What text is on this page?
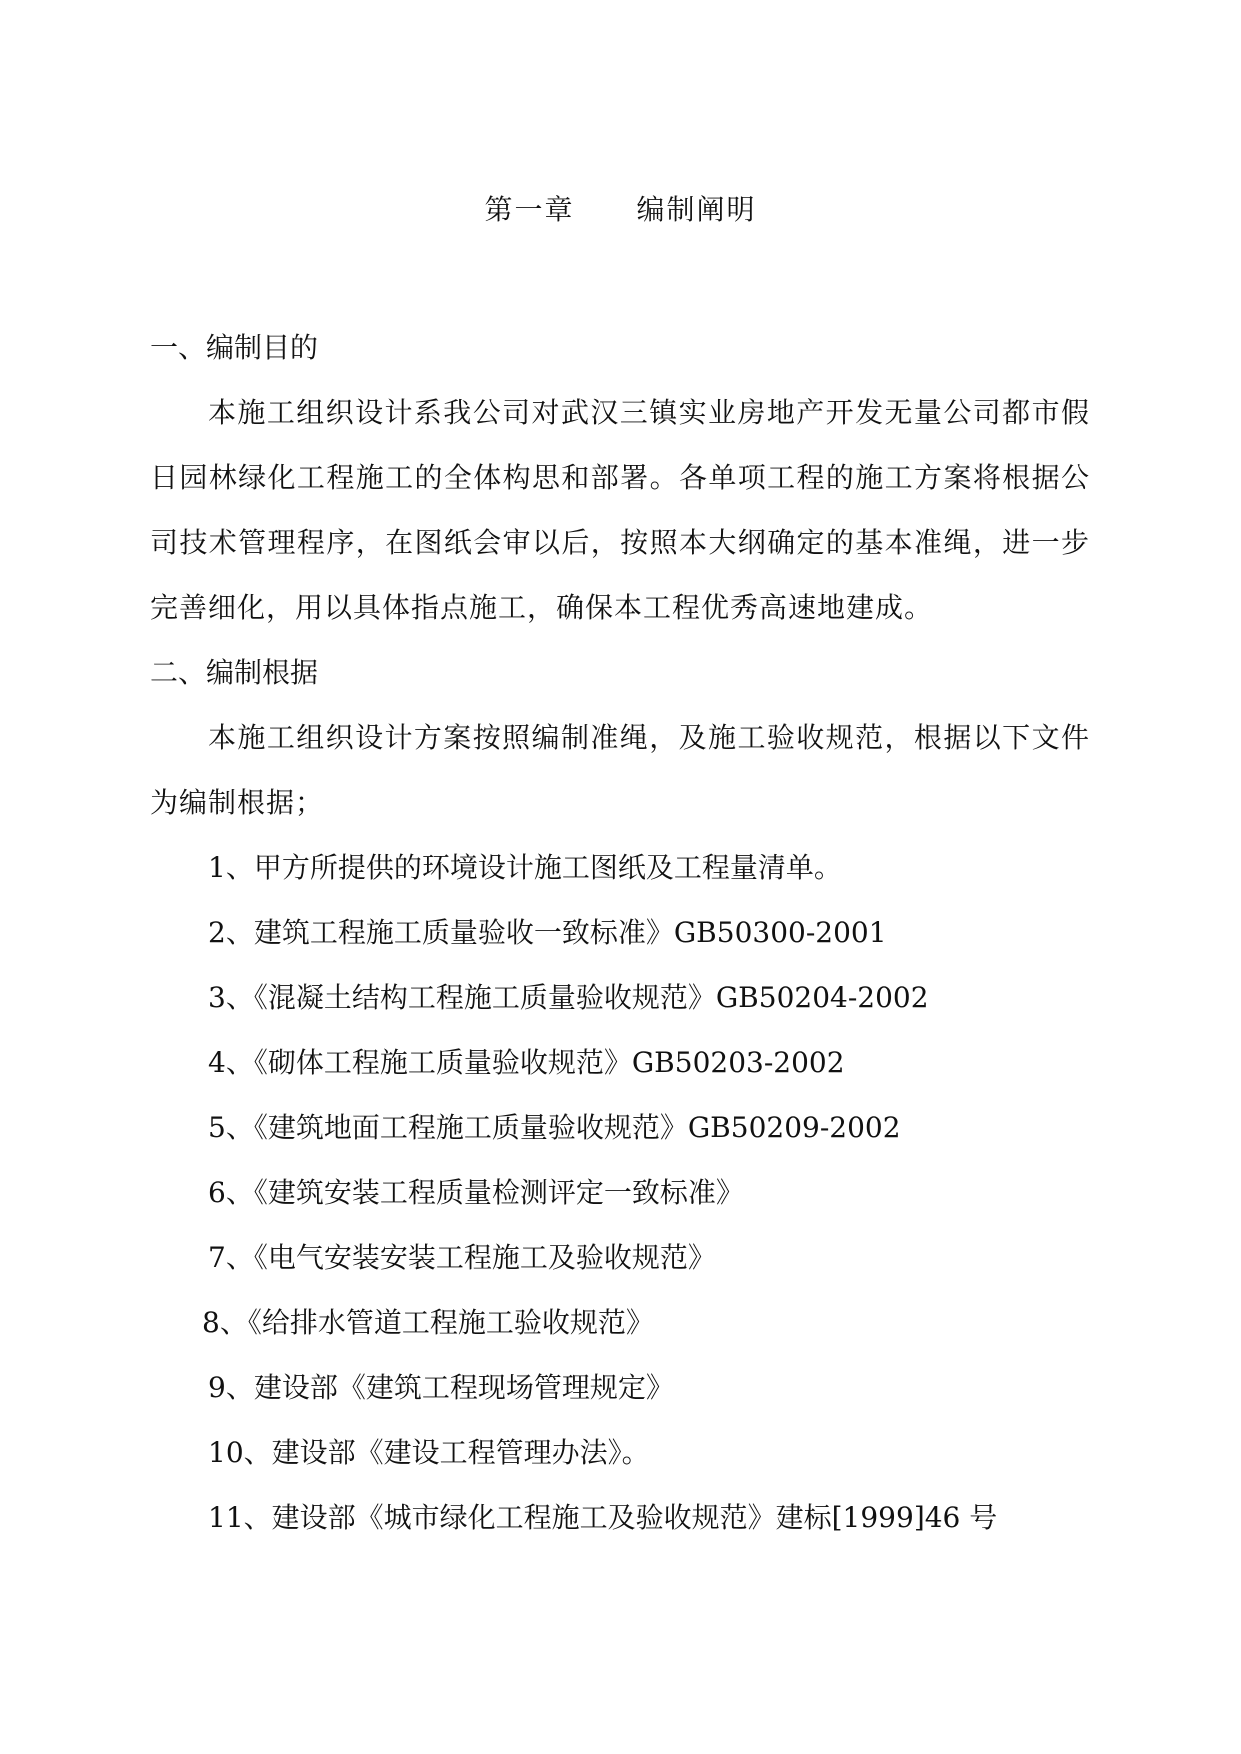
第一章 编制阐明
一、编制目的

本施工组织设计系我公司对武汉三镇实业房地产开发无量公司都市假日园林绿化工程施工的全体构思和部署。各单项工程的施工方案将根据公司技术管理程序，在图纸会审以后，按照本大纲确定的基本准绳，进一步完善细化，用以具体指点施工，确保本工程优秀高速地建成。

二、编制根据

本施工组织设计方案按照编制准绳，及施工验收规范，根据以下文件为编制根据；

1、甲方所提供的环境设计施工图纸及工程量清单。
2、建筑工程施工质量验收一致标准》GB50300-2001
3、《混凝土结构工程施工质量验收规范》GB50204-2002
4、《砌体工程施工质量验收规范》GB50203-2002
5、《建筑地面工程施工质量验收规范》GB50209-2002
6、《建筑安装工程质量检测评定一致标准》
7、《电气安装安装工程施工及验收规范》
8、《给排水管道工程施工验收规范》
9、建设部《建筑工程现场管理规定》
10、建设部《建设工程管理办法》。
11、建设部《城市绿化工程施工及验收规范》建标[1999]46 号
